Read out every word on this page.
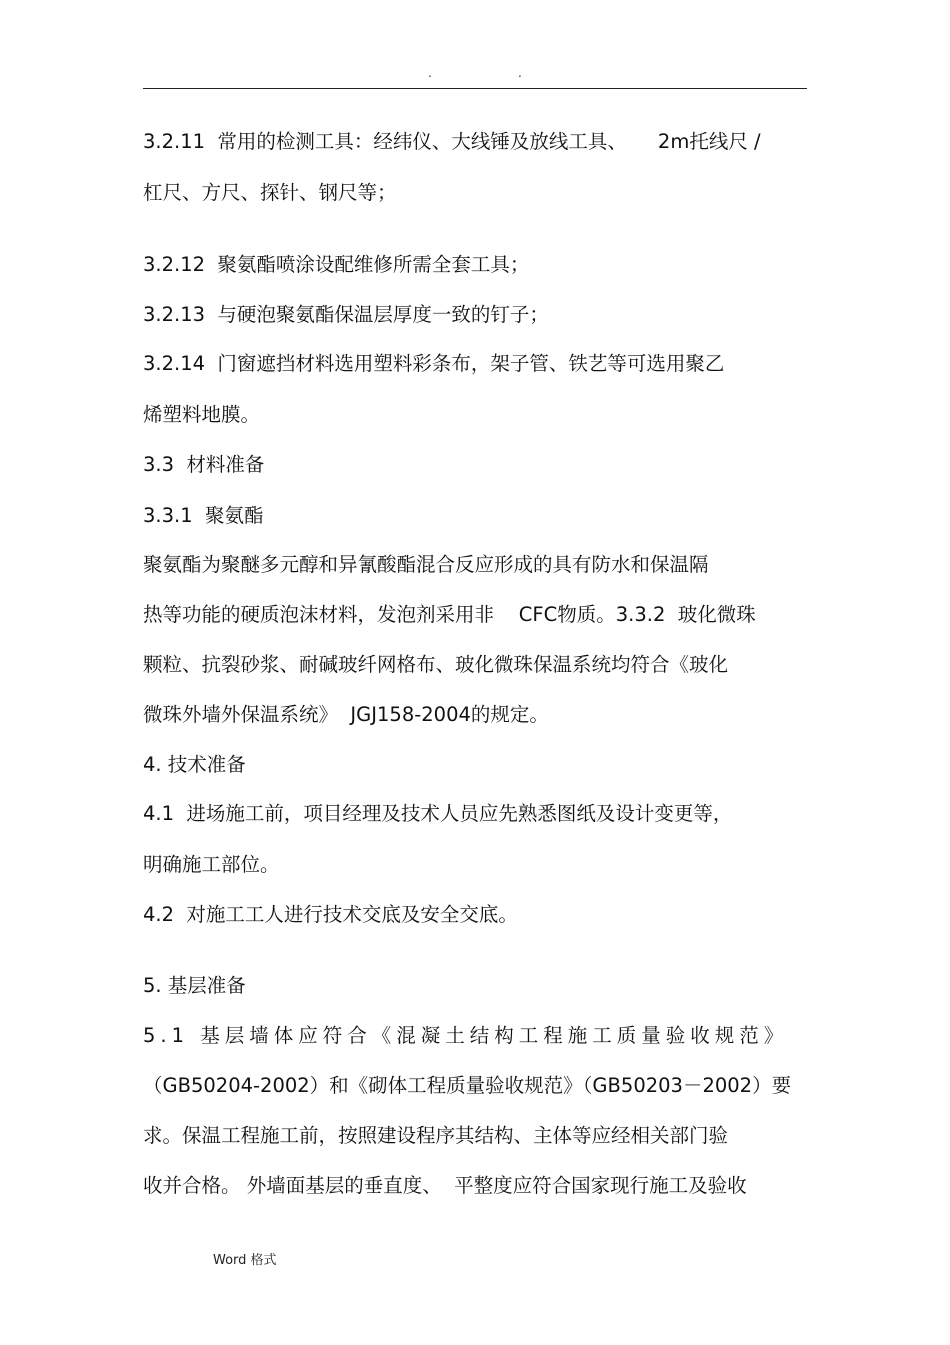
.	.
3.2.11  常用的检测工具：经纬仪、大线锤及放线工具、     2m托线尺 /
杠尺、方尺、探针、钢尺等；
3.2.12  聚氨酯喷涂设配维修所需全套工具；
3.2.13  与硬泡聚氨酯保温层厚度一致的钉子；
3.2.14  门窗遮挡材料选用塑料彩条布，架子管、铁艺等可选用聚乙
烯塑料地膜。
3.3  材料准备
3.3.1  聚氨酯
聚氨酯为聚醚多元醇和异氰酸酯混合反应形成的具有防水和保温隔
热等功能的硬质泡沫材料，发泡剂采用非    CFC物质。3.3.2  玻化微珠
颗粒、抗裂砂浆、耐碱玻纤网格布、玻化微珠保温系统均符合《玻化
微珠外墙外保温系统》  JGJ158-2004的规定。
4. 技术准备
4.1  进场施工前，项目经理及技术人员应先熟悉图纸及设计变更等，
明确施工部位。
4.2  对施工工人进行技术交底及安全交底。
5. 基层准备
5.1 基层墙体应符合《混凝土结构工程施工质量验收规范》
（GB50204-2002）和《砌体工程质量验收规范》（GB50203－2002）要
求。保温工程施工前，按照建设程序其结构、主体等应经相关部门验
收并合格。 外墙面基层的垂直度、  平整度应符合国家现行施工及验收
Word 格式
